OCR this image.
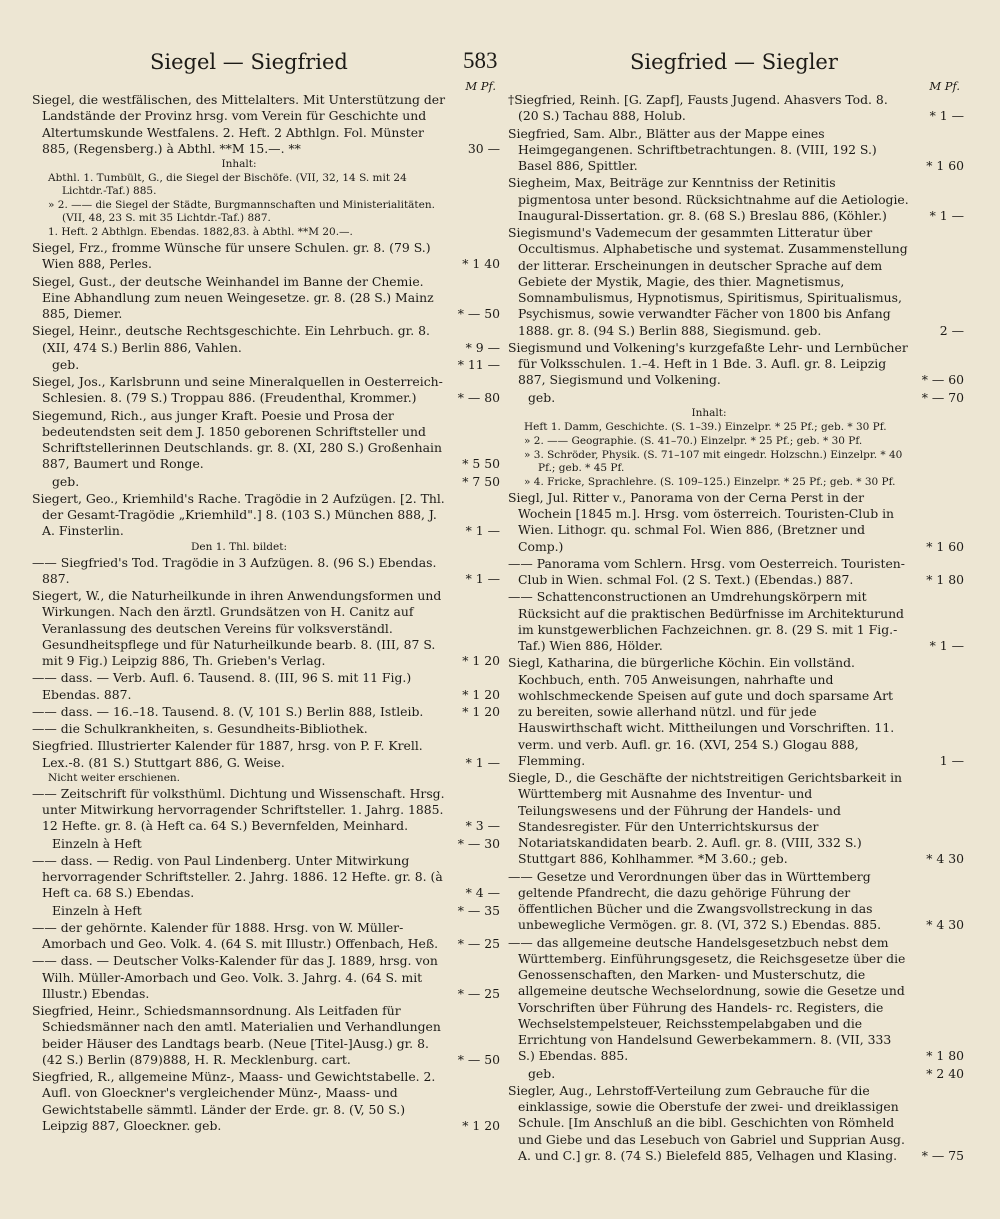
Siegel — Siegfried	583	Siegfried — Siegler
M Pf.
Siegel, die westfälischen, des Mittelalters. Mit Unterstützung der Landstände der Provinz hrsg. vom Verein für Geschichte und Altertumskunde Westfalens. 2. Heft. 2 Abthlgn. Fol. Münster 885, (Regensberg.) à Abthl. **M 15.—. **	30 —
Inhalt:
Abthl. 1. Tumbült, G., die Siegel der Bischöfe. (VII, 32, 14 S. mit 24 Lichtdr.-Taf.) 885.
» 2. —— die Siegel der Städte, Burgmannschaften und Ministerialitäten. (VII, 48, 23 S. mit 35 Lichtdr.-Taf.) 887.
1. Heft. 2 Abthlgn. Ebendas. 1882,83. à Abthl. **M 20.—.
Siegel, Frz., fromme Wünsche für unsere Schulen. gr. 8. (79 S.) Wien 888, Perles.	* 1 40
Siegel, Gust., der deutsche Weinhandel im Banne der Chemie. Eine Abhandlung zum neuen Weingesetze. gr. 8. (28 S.) Mainz 885, Diemer.	* — 50
Siegel, Heinr., deutsche Rechtsgeschichte. Ein Lehrbuch. gr. 8. (XII, 474 S.) Berlin 886, Vahlen.	* 9 —
geb.	* 11 —
Siegel, Jos., Karlsbrunn und seine Mineralquellen in Oesterreich-Schlesien. 8. (79 S.) Troppau 886. (Freudenthal, Krommer.)	* — 80
Siegemund, Rich., aus junger Kraft. Poesie und Prosa der bedeutendsten seit dem J. 1850 geborenen Schriftsteller und Schriftstellerinnen Deutschlands. gr. 8. (XI, 280 S.) Großenhain 887, Baumert und Ronge.	* 5 50
geb.	* 7 50
Siegert, Geo., Kriemhild's Rache. Tragödie in 2 Aufzügen. [2. Thl. der Gesamt-Tragödie „Kriemhild".] 8. (103 S.) München 888, J. A. Finsterlin.	* 1 —
Den 1. Thl. bildet:
—— Siegfried's Tod. Tragödie in 3 Aufzügen. 8. (96 S.) Ebendas. 887.	* 1 —
Siegert, W., die Naturheilkunde in ihren Anwendungsformen und Wirkungen. Nach den ärztl. Grundsätzen von H. Canitz auf Veranlassung des deutschen Vereins für volksverständl. Gesundheitspflege und für Naturheilkunde bearb. 8. (III, 87 S. mit 9 Fig.) Leipzig 886, Th. Grieben's Verlag.	* 1 20
—— dass. — Verb. Aufl. 6. Tausend. 8. (III, 96 S. mit 11 Fig.) Ebendas. 887.	* 1 20
—— dass. — 16.–18. Tausend. 8. (V, 101 S.) Berlin 888, Istleib.	* 1 20
—— die Schulkrankheiten, s. Gesundheits-Bibliothek.
Siegfried. Illustrierter Kalender für 1887, hrsg. von P. F. Krell. Lex.-8. (81 S.) Stuttgart 886, G. Weise.	* 1 —
Nicht weiter erschienen.
—— Zeitschrift für volksthüml. Dichtung und Wissenschaft. Hrsg. unter Mitwirkung hervorragender Schriftsteller. 1. Jahrg. 1885. 12 Hefte. gr. 8. (à Heft ca. 64 S.) Bevernfelden, Meinhard.	* 3 —
Einzeln à Heft	* — 30
—— dass. — Redig. von Paul Lindenberg. Unter Mitwirkung hervorragender Schriftsteller. 2. Jahrg. 1886. 12 Hefte. gr. 8. (à Heft ca. 68 S.) Ebendas.	* 4 —
Einzeln à Heft	* — 35
—— der gehörnte. Kalender für 1888. Hrsg. von W. Müller-Amorbach und Geo. Volk. 4. (64 S. mit Illustr.) Offenbach, Heß. * — 25
—— dass. — Deutscher Volks-Kalender für das J. 1889, hrsg. von Wilh. Müller-Amorbach und Geo. Volk. 3. Jahrg. 4. (64 S. mit Illustr.) Ebendas.	* — 25
Siegfried, Heinr., Schiedsmannsordnung. Als Leitfaden für Schiedsmänner nach den amtl. Materialien und Verhandlungen beider Häuser des Landtags bearb. (Neue [Titel-]Ausg.) gr. 8. (42 S.) Berlin (879)888, H. R. Mecklenburg. cart.	* — 50
Siegfried, R., allgemeine Münz-, Maass- und Gewichtstabelle. 2. Aufl. von Gloeckner's vergleichender Münz-, Maass- und Gewichtstabelle sämmtl. Länder der Erde. gr. 8. (V, 50 S.) Leipzig 887, Gloeckner. geb.	* 1 20
M Pf.
†Siegfried, Reinh. [G. Zapf], Fausts Jugend. Ahasvers Tod. 8. (20 S.) Tachau 888, Holub.	* 1 —
Siegfried, Sam. Albr., Blätter aus der Mappe eines Heimgegangenen. Schriftbetrachtungen. 8. (VIII, 192 S.) Basel 886, Spittler.	* 1 60
Siegheim, Max, Beiträge zur Kenntniss der Retinitis pigmentosa unter besond. Rücksichtnahme auf die Aetiologie. Inaugural-Dissertation. gr. 8. (68 S.) Breslau 886, (Köhler.)	* 1 —
Siegismund's Vademecum der gesammten Litteratur über Occultismus. Alphabetische und systemat. Zusammenstellung der litterar. Erscheinungen in deutscher Sprache auf dem Gebiete der Mystik, Magie, des thier. Magnetismus, Somnambulismus, Hypnotismus, Spiritismus, Spiritualismus, Psychismus, sowie verwandter Fächer von 1800 bis Anfang 1888. gr. 8. (94 S.) Berlin 888, Siegismund. geb.	2 —
Siegismund und Volkening's kurzgefaßte Lehr- und Lernbücher für Volksschulen. 1.–4. Heft in 1 Bde. 3. Aufl. gr. 8. Leipzig 887, Siegismund und Volkening.	* — 60
geb.	* — 70
Inhalt:
Heft 1. Damm, Geschichte. (S. 1–39.) Einzelpr. * 25 Pf.; geb. * 30 Pf.
» 2. —— Geographie. (S. 41–70.) Einzelpr. * 25 Pf.; geb. * 30 Pf.
» 3. Schröder, Physik. (S. 71–107 mit eingedr. Holzschn.) Einzelpr. * 40 Pf.; geb. * 45 Pf.
» 4. Fricke, Sprachlehre. (S. 109–125.) Einzelpr. * 25 Pf.; geb. * 30 Pf.
Siegl, Jul. Ritter v., Panorama von der Cerna Perst in der Wochein [1845 m.]. Hrsg. vom österreich. Touristen-Club in Wien. Lithogr. qu. schmal Fol. Wien 886, (Bretzner und Comp.)	* 1 60
—— Panorama vom Schlern. Hrsg. vom Oesterreich. Touristen-Club in Wien. schmal Fol. (2 S. Text.) (Ebendas.) 887.	* 1 80
—— Schattenconstructionen an Umdrehungskörpern mit Rücksicht auf die praktischen Bedürfnisse im Architekturund im kunstgewerblichen Fachzeichnen. gr. 8. (29 S. mit 1 Fig.-Taf.) Wien 886, Hölder.	* 1 —
Siegl, Katharina, die bürgerliche Köchin. Ein vollständ. Kochbuch, enth. 705 Anweisungen, nahrhafte und wohlschmeckende Speisen auf gute und doch sparsame Art zu bereiten, sowie allerhand nützl. und für jede Hauswirthschaft wicht. Mittheilungen und Vorschriften. 11. verm. und verb. Aufl. gr. 16. (XVI, 254 S.) Glogau 888, Flemming.	1 —
Siegle, D., die Geschäfte der nichtstreitigen Gerichtsbarkeit in Württemberg mit Ausnahme des Inventur- und Teilungswesens und der Führung der Handels- und Standesregister. Für den Unterrichtskursus der Notariatskandidaten bearb. 2. Aufl. gr. 8. (VIII, 332 S.) Stuttgart 886, Kohlhammer. *M 3.60.; geb.	* 4 30
—— Gesetze und Verordnungen über das in Württemberg geltende Pfandrecht, die dazu gehörige Führung der öffentlichen Bücher und die Zwangsvollstreckung in das unbewegliche Vermögen. gr. 8. (VI, 372 S.) Ebendas. 885.	* 4 30
—— das allgemeine deutsche Handelsgesetzbuch nebst dem Württemberg. Einführungsgesetz, die Reichsgesetze über die Genossenschaften, den Marken- und Musterschutz, die allgemeine deutsche Wechselordnung, sowie die Gesetze und Vorschriften über Führung des Handels- rc. Registers, die Wechselstempelsteuer, Reichsstempelabgaben und die Errichtung von Handelsund Gewerbekammern. 8. (VII, 333 S.) Ebendas. 885.	* 1 80
geb.	* 2 40
Siegler, Aug., Lehrstoff-Verteilung zum Gebrauche für die einklassige, sowie die Oberstufe der zwei- und dreiklassigen Schule. [Im Anschluß an die bibl. Geschichten von Römheld und Giebe und das Lesebuch von Gabriel und Supprian Ausg. A. und C.] gr. 8. (74 S.) Bielefeld 885, Velhagen und Klasing. * — 75
